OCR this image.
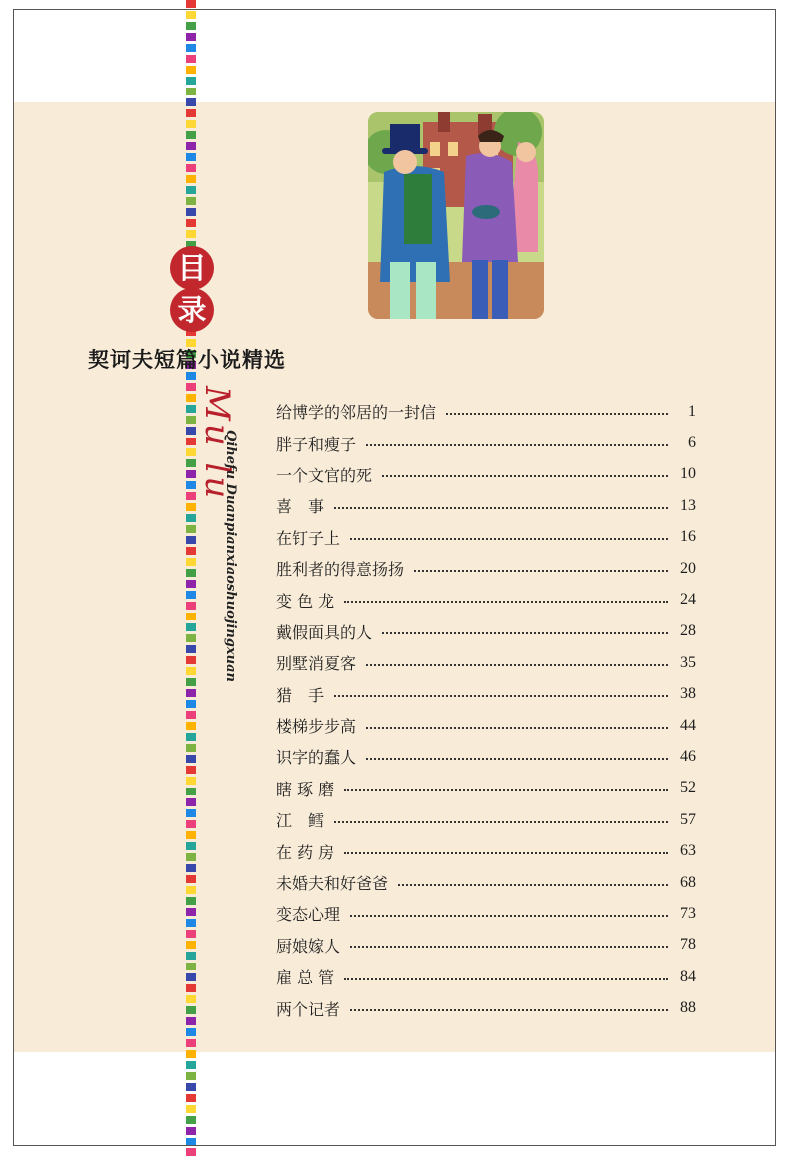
目
录
契诃夫短篇小说精选
Mu lu
Qihefu Duanpianxiaoshuojingxuan
给博学的邻居的一封信	1
胖子和瘦子	6
一个文官的死	10
喜　事	13
在钉子上	16
胜利者的得意扬扬	20
变 色 龙	24
戴假面具的人	28
别墅消夏客	35
猎　手	38
楼梯步步高	44
识字的蠢人	46
瞎 琢 磨	52
江　鳕	57
在 药 房	63
未婚夫和好爸爸	68
变态心理	73
厨娘嫁人	78
雇 总 管	84
两个记者	88
